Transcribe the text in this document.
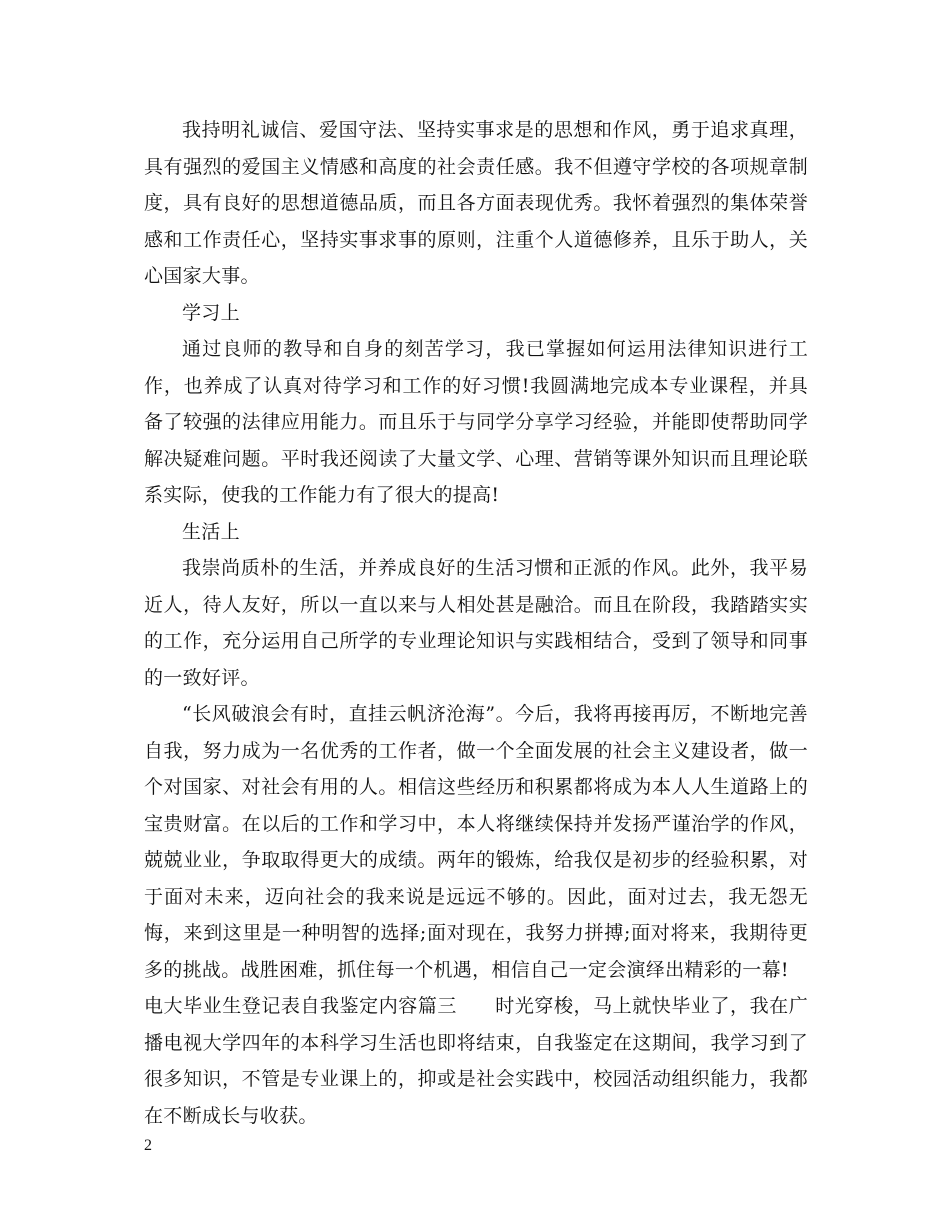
我持明礼诚信、爱国守法、坚持实事求是的思想和作风，勇于追求真理，具有强烈的爱国主义情感和高度的社会责任感。我不但遵守学校的各项规章制度，具有良好的思想道德品质，而且各方面表现优秀。我怀着强烈的集体荣誉感和工作责任心，坚持实事求事的原则，注重个人道德修养，且乐于助人，关心国家大事。

学习上

通过良师的教导和自身的刻苦学习，我已掌握如何运用法律知识进行工作，也养成了认真对待学习和工作的好习惯!我圆满地完成本专业课程，并具备了较强的法律应用能力。而且乐于与同学分享学习经验，并能即使帮助同学解决疑难问题。平时我还阅读了大量文学、心理、营销等课外知识而且理论联系实际，使我的工作能力有了很大的提高!

生活上

我崇尚质朴的生活，并养成良好的生活习惯和正派的作风。此外，我平易近人，待人友好，所以一直以来与人相处甚是融洽。而且在阶段，我踏踏实实的工作，充分运用自己所学的专业理论知识与实践相结合，受到了领导和同事的一致好评。

“长风破浪会有时，直挂云帆济沧海”。今后，我将再接再厉，不断地完善自我，努力成为一名优秀的工作者，做一个全面发展的社会主义建设者，做一个对国家、对社会有用的人。相信这些经历和积累都将成为本人人生道路上的宝贵财富。在以后的工作和学习中，本人将继续保持并发扬严谨治学的作风，兢兢业业，争取取得更大的成绩。两年的锻炼，给我仅是初步的经验积累，对于面对未来，迈向社会的我来说是远远不够的。因此，面对过去，我无怨无悔，来到这里是一种明智的选择;面对现在，我努力拼搏;面对将来，我期待更多的挑战。战胜困难，抓住每一个机遇，相信自己一定会演绎出精彩的一幕!

电大毕业生登记表自我鉴定内容篇三 时光穿梭，马上就快毕业了，我在广播电视大学四年的本科学习生活也即将结束，自我鉴定在这期间，我学习到了很多知识，不管是专业课上的，抑或是社会实践中，校园活动组织能力，我都在不断成长与收获。

2
